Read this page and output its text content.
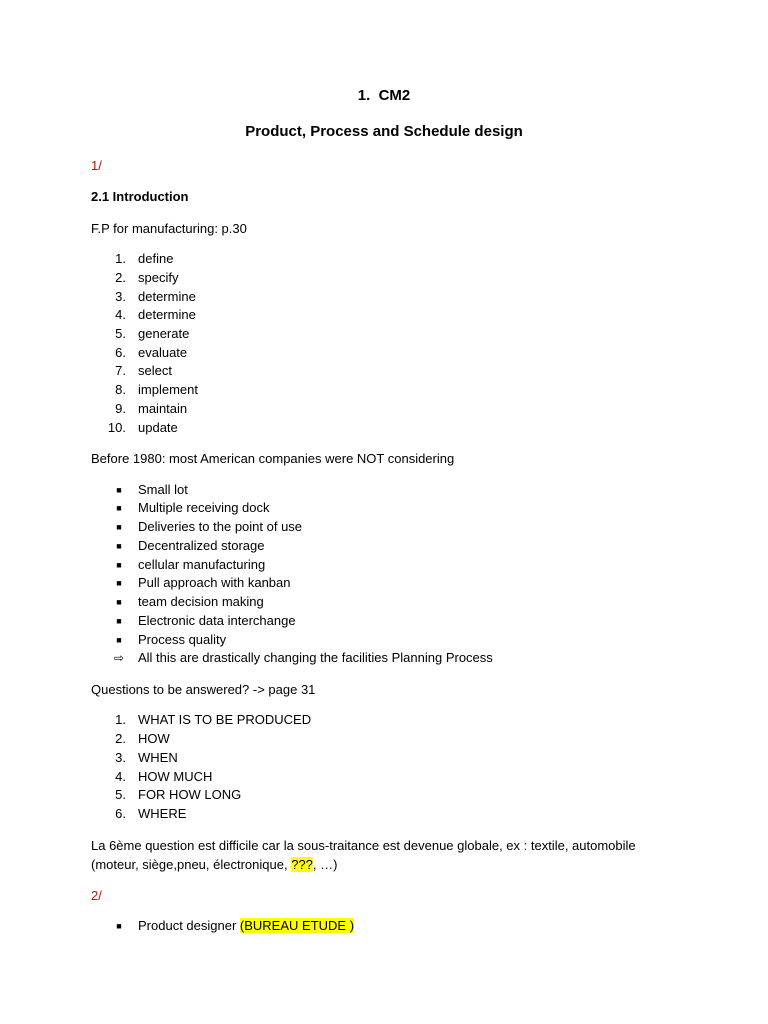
1. CM2
Product, Process and Schedule design
1/
2.1 Introduction
F.P for manufacturing: p.30
1. define
2. specify
3. determine
4. determine
5. generate
6. evaluate
7. select
8. implement
9. maintain
10. update
Before 1980: most American companies were NOT considering
■ Small lot
■ Multiple receiving dock
■ Deliveries to the point of use
■ Decentralized storage
■ cellular manufacturing
■ Pull approach with kanban
■ team decision making
■ Electronic data interchange
■ Process quality
⇨ All this are drastically changing the facilities Planning Process
Questions to be answered? -> page 31
1. WHAT IS TO BE PRODUCED
2. HOW
3. WHEN
4. HOW MUCH
5. FOR HOW LONG
6. WHERE
La 6ème question est difficile car la sous-traitance est devenue globale, ex : textile, automobile
(moteur, siège,pneu, électronique, ???, …)
2/
■ Product designer (BUREAU ETUDE )
